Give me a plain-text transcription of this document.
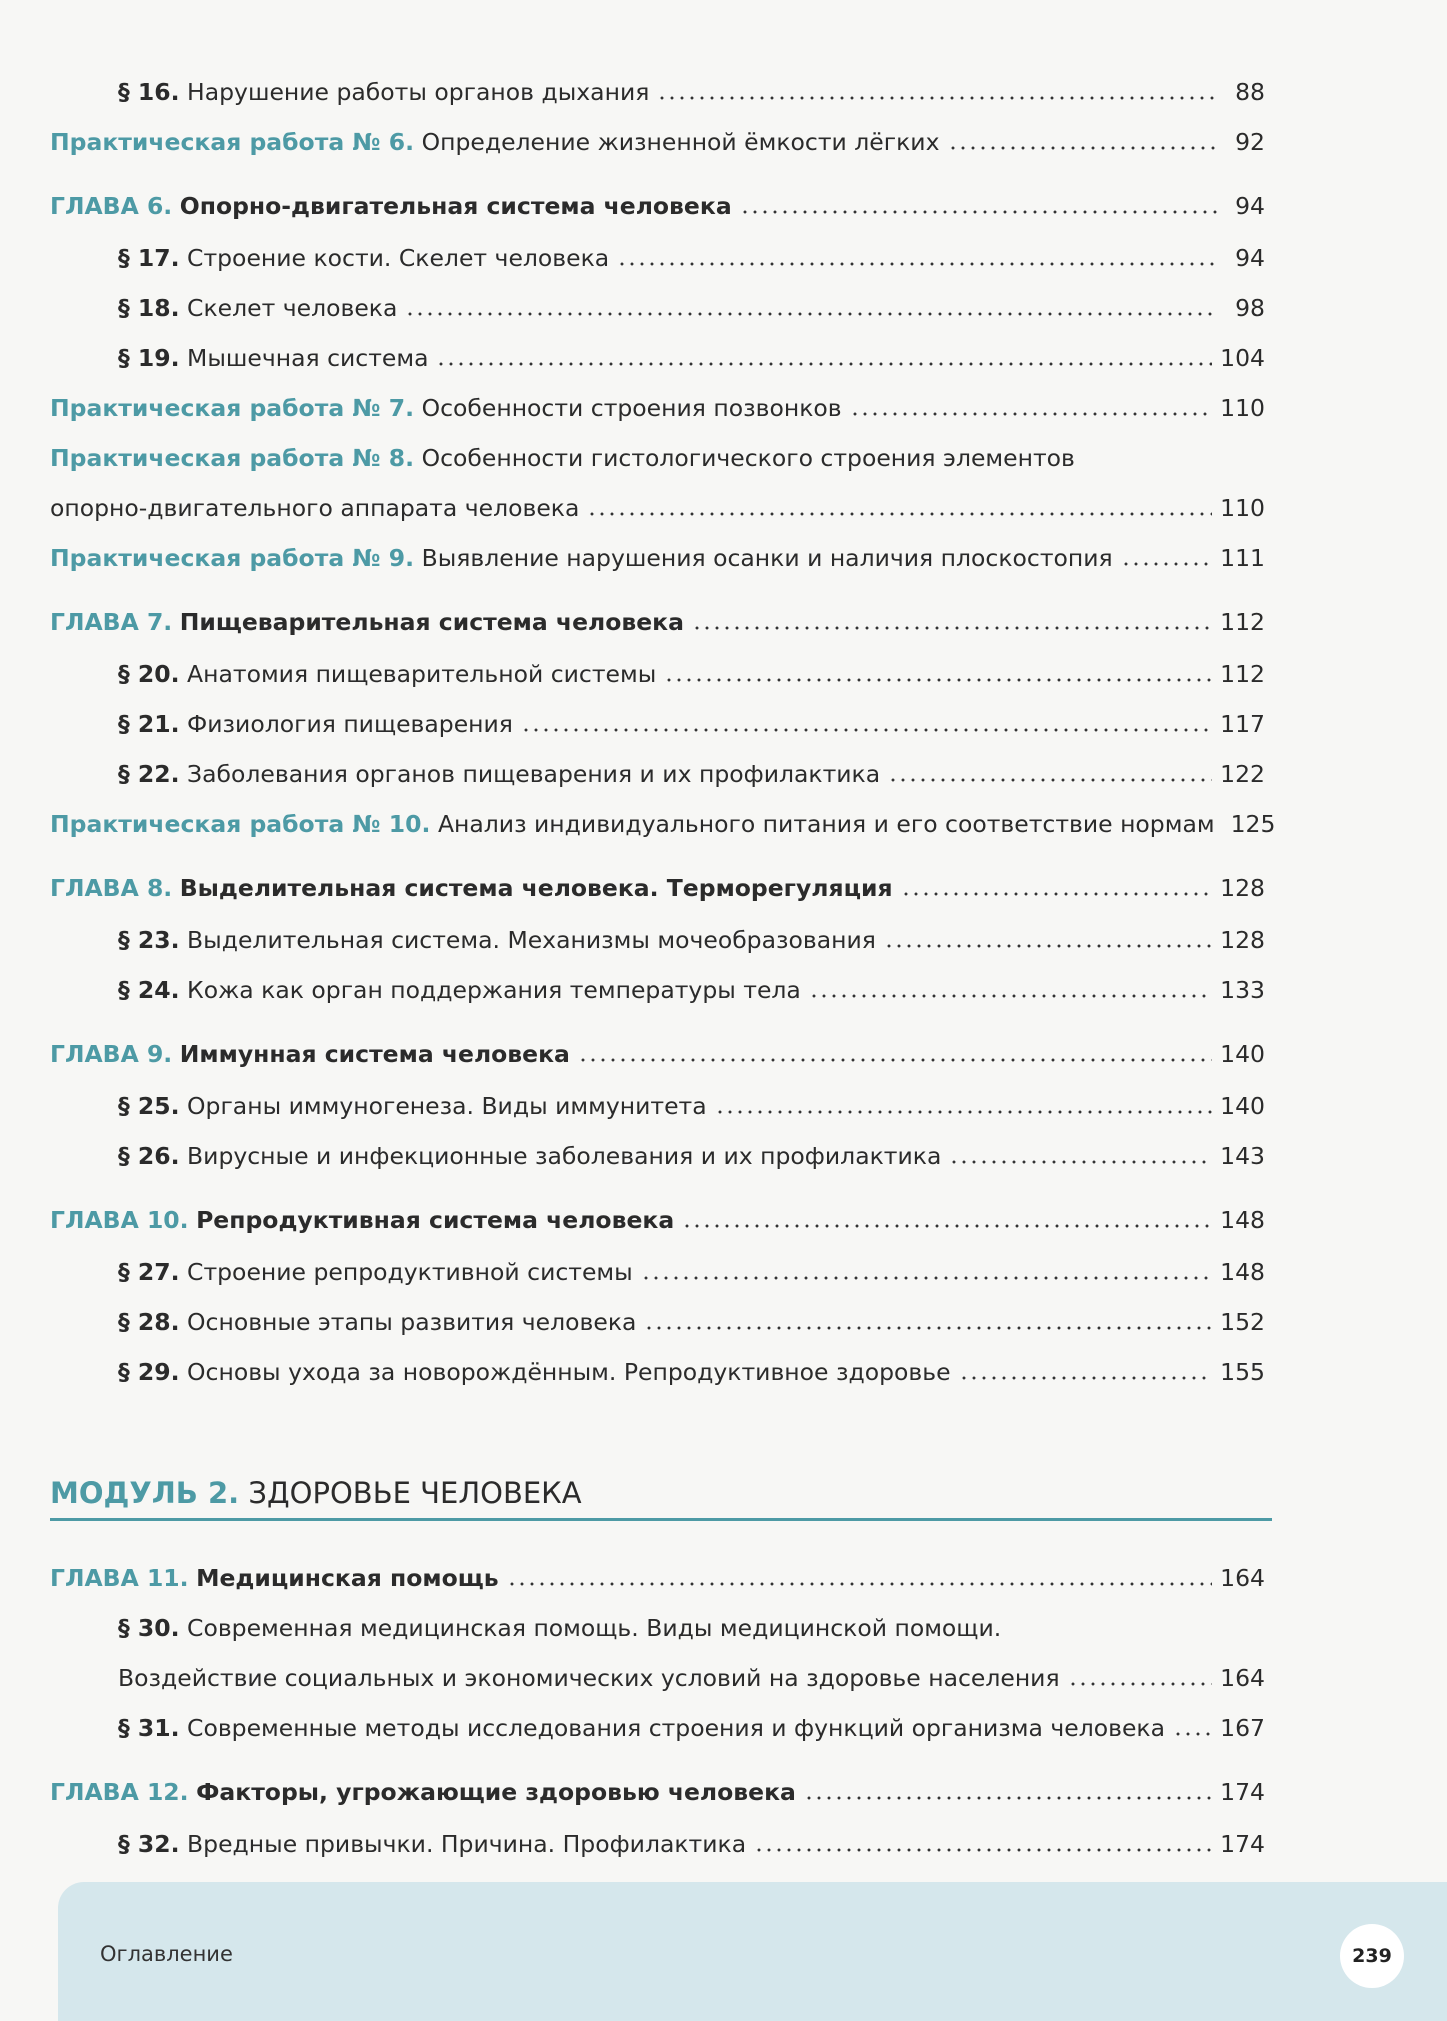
§ 16. Нарушение работы органов дыхания	88
Практическая работа № 6. Определение жизненной ёмкости лёгких	92
ГЛАВА 6. Опорно-двигательная система человека	94
§ 17. Строение кости. Скелет человека	94
§ 18. Скелет человека	98
§ 19. Мышечная система	104
Практическая работа № 7. Особенности строения позвонков	110
Практическая работа № 8. Особенности гистологического строения элементов
опорно-двигательного аппарата человека	110
Практическая работа № 9. Выявление нарушения осанки и наличия плоскостопия	111
ГЛАВА 7. Пищеварительная система человека	112
§ 20. Анатомия пищеварительной системы	112
§ 21. Физиология пищеварения	117
§ 22. Заболевания органов пищеварения и их профилактика	122
Практическая работа № 10. Анализ индивидуального питания и его соответствие нормам 125
ГЛАВА 8. Выделительная система человека. Терморегуляция	128
§ 23. Выделительная система. Механизмы мочеобразования	128
§ 24. Кожа как орган поддержания температуры тела	133
ГЛАВА 9. Иммунная система человека	140
§ 25. Органы иммуногенеза. Виды иммунитета	140
§ 26. Вирусные и инфекционные заболевания и их профилактика	143
ГЛАВА 10. Репродуктивная система человека	148
§ 27. Строение репродуктивной системы	148
§ 28. Основные этапы развития человека	152
§ 29. Основы ухода за новорождённым. Репродуктивное здоровье	155
ГЛАВА 11. Медицинская помощь	164
§ 30. Современная медицинская помощь. Виды медицинской помощи.
Воздействие социальных и экономических условий на здоровье населения	164
§ 31. Современные методы исследования строения и функций организма человека 167
ГЛАВА 12. Факторы, угрожающие здоровью человека	174
§ 32. Вредные привычки. Причина. Профилактика	174
МОДУЛЬ 2. ЗДОРОВЬЕ ЧЕЛОВЕКА
Оглавление	239
